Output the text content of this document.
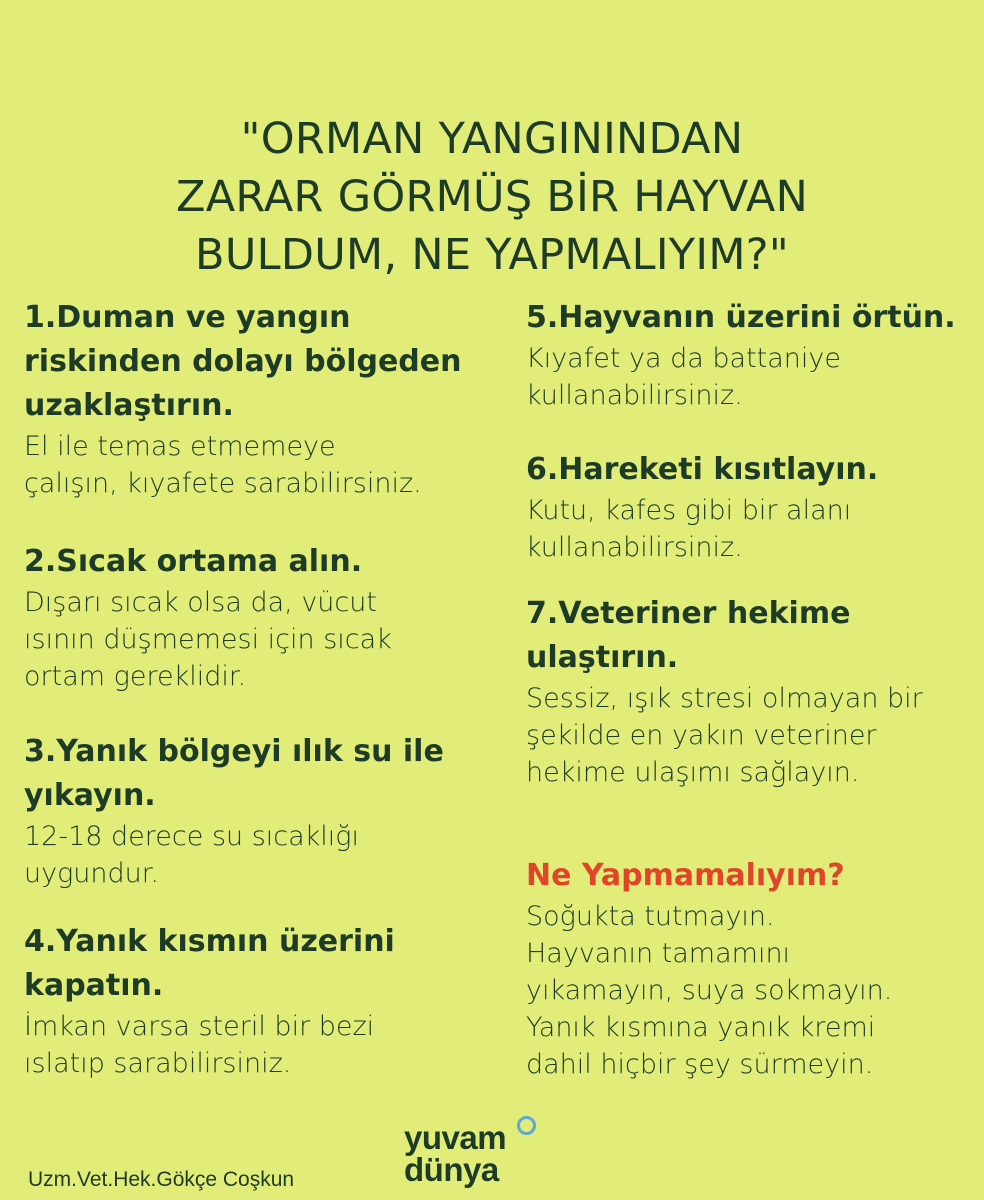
"ORMAN YANGININDAN
ZARAR GÖRMÜŞ BİR HAYVAN
BULDUM, NE YAPMALIYIM?"
1.Duman ve yangın
riskinden dolayı bölgeden
uzaklaştırın.
El ile temas etmemeye
çalışın, kıyafete sarabilirsiniz.
2.Sıcak ortama alın.
Dışarı sıcak olsa da, vücut
ısının düşmemesi için sıcak
ortam gereklidir.
3.Yanık bölgeyi ılık su ile
yıkayın.
12-18 derece su sıcaklığı
uygundur.
4.Yanık kısmın üzerini
kapatın.
İmkan varsa steril bir bezi
ıslatıp sarabilirsiniz.
5.Hayvanın üzerini örtün.
Kıyafet ya da battaniye
kullanabilirsiniz.
6.Hareketi kısıtlayın.
Kutu, kafes gibi bir alanı
kullanabilirsiniz.
7.Veteriner hekime
ulaştırın.
Sessiz, ışık stresi olmayan bir
şekilde en yakın veteriner
hekime ulaşımı sağlayın.
Ne Yapmamalıyım?
Soğukta tutmayın.
Hayvanın tamamını
yıkamayın, suya sokmayın.
Yanık kısmına yanık kremi
dahil hiçbir şey sürmeyin.
Uzm.Vet.Hek.Gökçe Coşkun
yuvam
dünya
